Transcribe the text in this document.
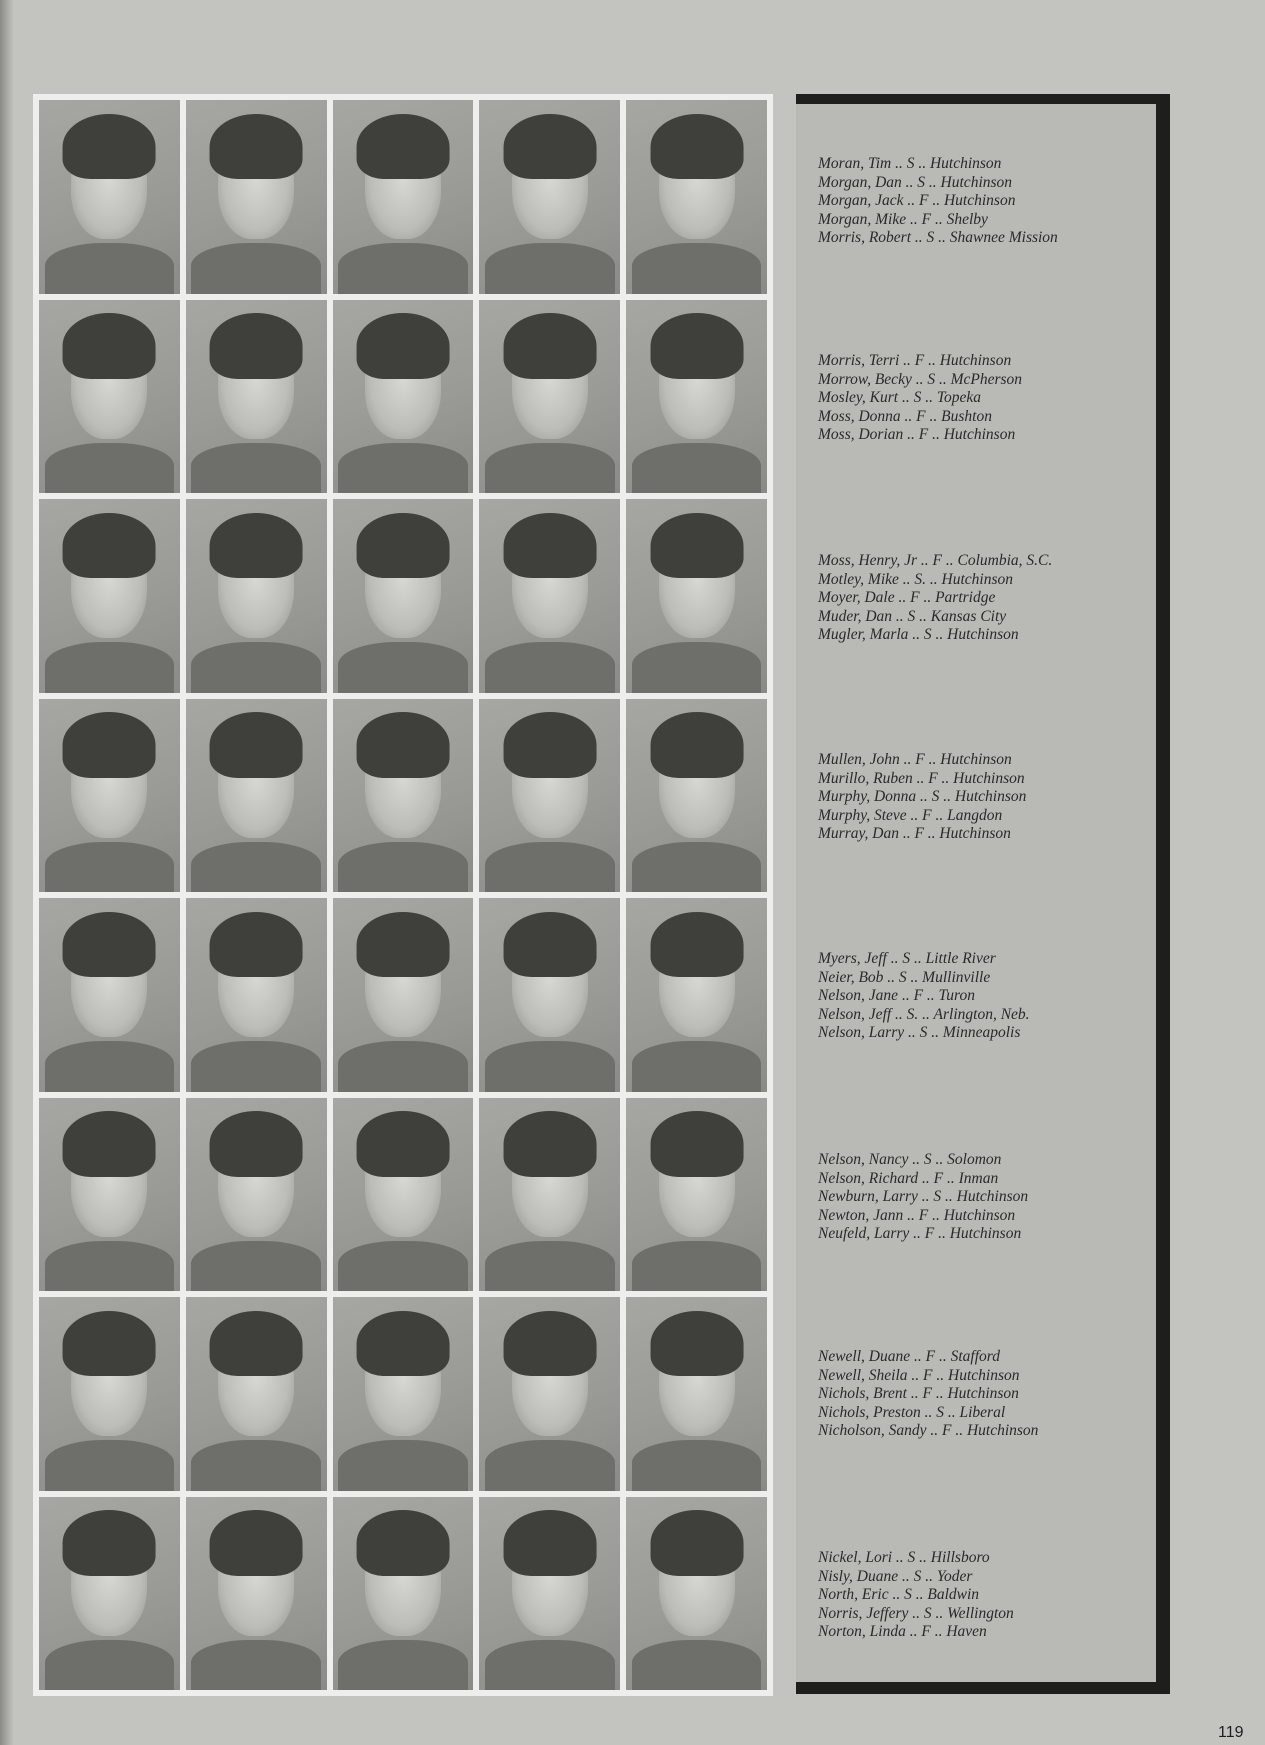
Moran, Tim .. S .. Hutchinson
Morgan, Dan .. S .. Hutchinson
Morgan, Jack .. F .. Hutchinson
Morgan, Mike .. F .. Shelby
Morris, Robert .. S .. Shawnee Mission
Morris, Terri .. F .. Hutchinson
Morrow, Becky .. S .. McPherson
Mosley, Kurt .. S .. Topeka
Moss, Donna .. F .. Bushton
Moss, Dorian .. F .. Hutchinson
Moss, Henry, Jr .. F .. Columbia, S.C.
Motley, Mike .. S. .. Hutchinson
Moyer, Dale .. F .. Partridge
Muder, Dan .. S .. Kansas City
Mugler, Marla .. S .. Hutchinson
Mullen, John .. F .. Hutchinson
Murillo, Ruben .. F .. Hutchinson
Murphy, Donna .. S .. Hutchinson
Murphy, Steve .. F .. Langdon
Murray, Dan .. F .. Hutchinson
Myers, Jeff .. S .. Little River
Neier, Bob .. S .. Mullinville
Nelson, Jane .. F .. Turon
Nelson, Jeff .. S. .. Arlington, Neb.
Nelson, Larry .. S .. Minneapolis
Nelson, Nancy .. S .. Solomon
Nelson, Richard .. F .. Inman
Newburn, Larry .. S .. Hutchinson
Newton, Jann .. F .. Hutchinson
Neufeld, Larry .. F .. Hutchinson
Newell, Duane .. F .. Stafford
Newell, Sheila .. F .. Hutchinson
Nichols, Brent .. F .. Hutchinson
Nichols, Preston .. S .. Liberal
Nicholson, Sandy .. F .. Hutchinson
Nickel, Lori .. S .. Hillsboro
Nisly, Duane .. S .. Yoder
North, Eric .. S .. Baldwin
Norris, Jeffery .. S .. Wellington
Norton, Linda .. F .. Haven
119
